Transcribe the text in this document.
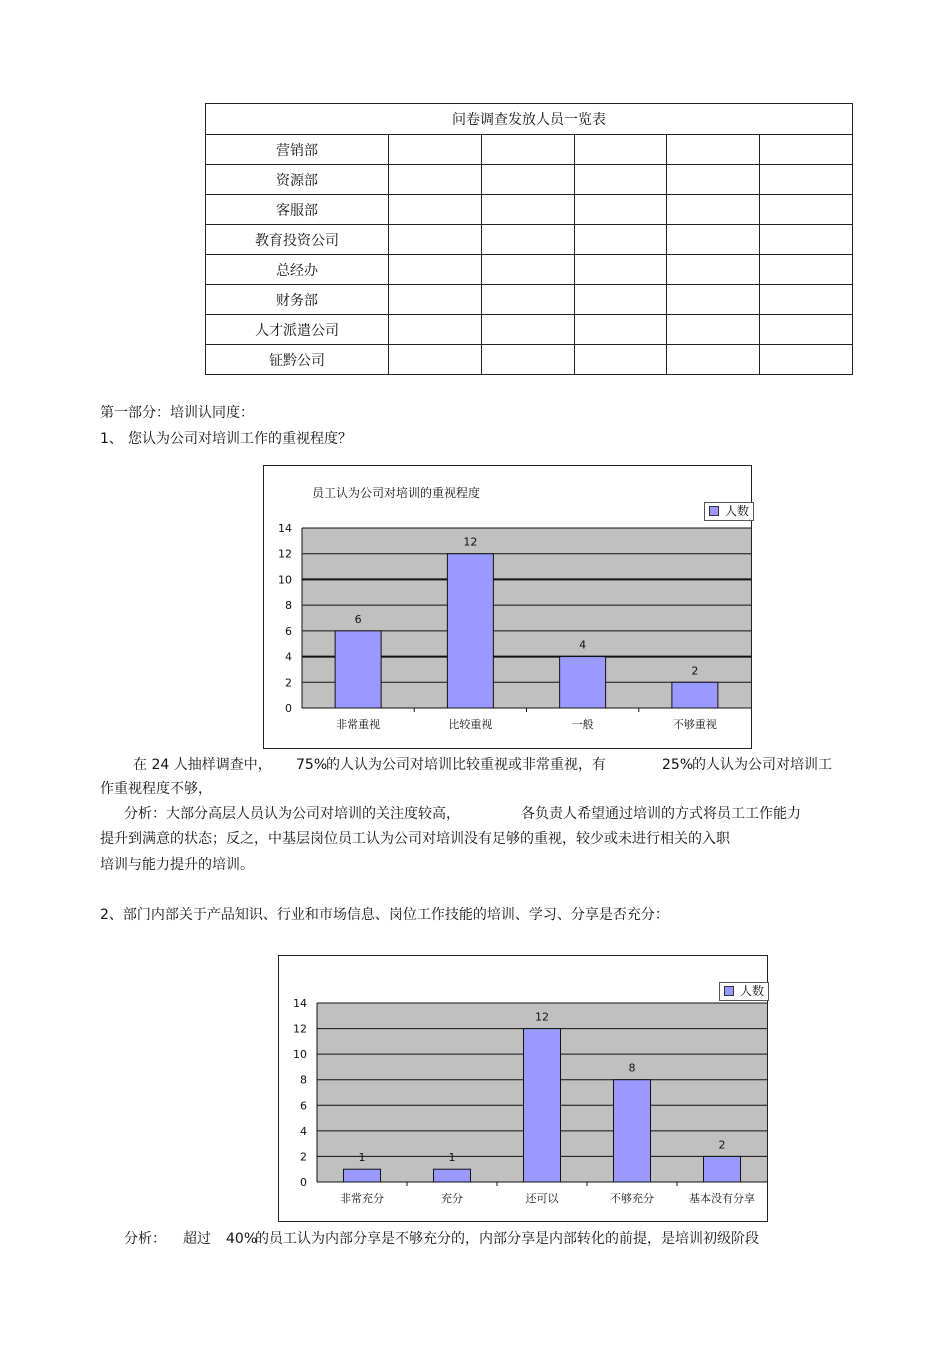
问卷调查发放人员一览表					
营销部					
资源部					
客服部					
教育投资公司					
总经办					
财务部					
人才派遣公司					
钲黔公司					
第一部分：培训认同度：
1、 您认为公司对培训工作的重视程度？
员工认为公司对培训的重视程度
人数
0
2
4
6
8
10
12
14
6
非常重视
12
比较重视
4
一般
2
不够重视
在 24 人抽样调查中， 75%
的人认为公司对培训比较重视或非常重视，有	25%
的人认为公司对培训工
作重视程度不够，
分析：大部分高层人员认为公司对培训的关注度较高，	各负责人希望通过培训的方式将员工工作能力
提升到满意的状态；反之，中基层岗位员工认为公司对培训没有足够的重视，较少或未进行相关的入职
培训与能力提升的培训。
2、部门内部关于产品知识、行业和市场信息、岗位工作技能的培训、学习、分享是否充分：
人数
0
2
4
6
8
10
12
14
1
非常充分
1
充分
12
还可以
8
不够充分
2
基本没有分享
分析： 超过 40%
的员工认为内部分享是不够充分的，内部分享是内部转化的前提，是培训初级阶段
